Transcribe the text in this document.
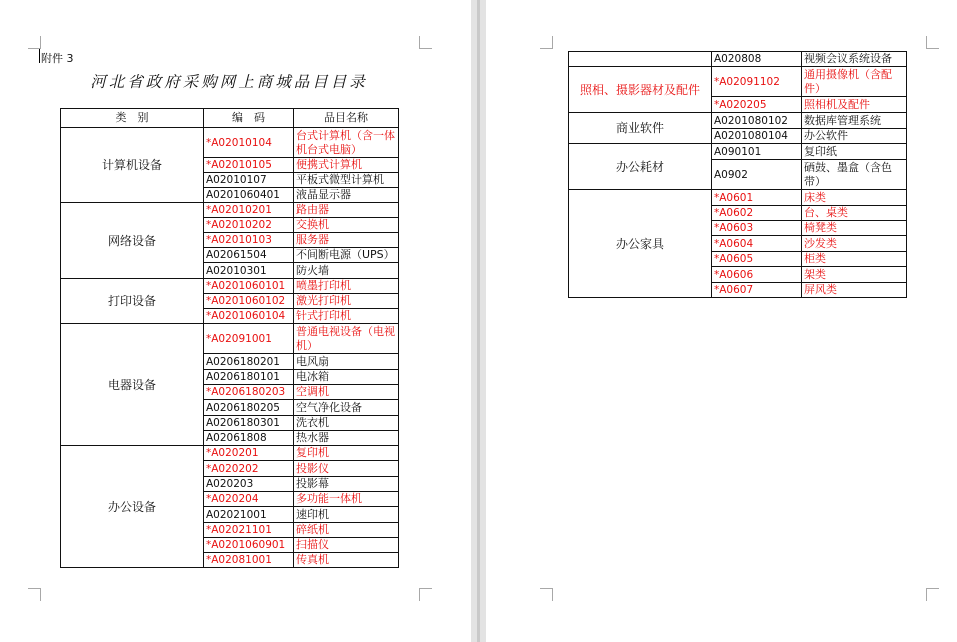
附件 3
河北省政府采购网上商城品目目录
类　别	编　码	品目名称
计算机设备	*A02010104	台式计算机（含一体机台式电脑）
	*A02010105	便携式计算机
	A02010107	平板式微型计算机
	A0201060401	液晶显示器
网络设备	*A02010201	路由器
	*A02010202	交换机
	*A02010103	服务器
	A02061504	不间断电源（UPS）
	A02010301	防火墙
打印设备	*A0201060101	喷墨打印机
	*A0201060102	激光打印机
	*A0201060104	针式打印机
电器设备	*A02091001	普通电视设备（电视机）
	A0206180201	电风扇
	A0206180101	电冰箱
	*A0206180203	空调机
	A0206180205	空气净化设备
	A0206180301	洗衣机
	A02061808	热水器
办公设备	*A020201	复印机
	*A020202	投影仪
	A020203	投影幕
	*A020204	多功能一体机
	A02021001	速印机
	*A02021101	碎纸机
	*A0201060901	扫描仪
	*A02081001	传真机
	A020808	视频会议系统设备
照相、摄影器材及配件	*A02091102	通用摄像机（含配件）
	*A020205	照相机及配件
商业软件	A0201080102	数据库管理系统
	A0201080104	办公软件
办公耗材	A090101	复印纸
	A0902	硒鼓、墨盒（含色带）
办公家具	*A0601	床类
	*A0602	台、桌类
	*A0603	椅凳类
	*A0604	沙发类
	*A0605	柜类
	*A0606	架类
	*A0607	屏风类
